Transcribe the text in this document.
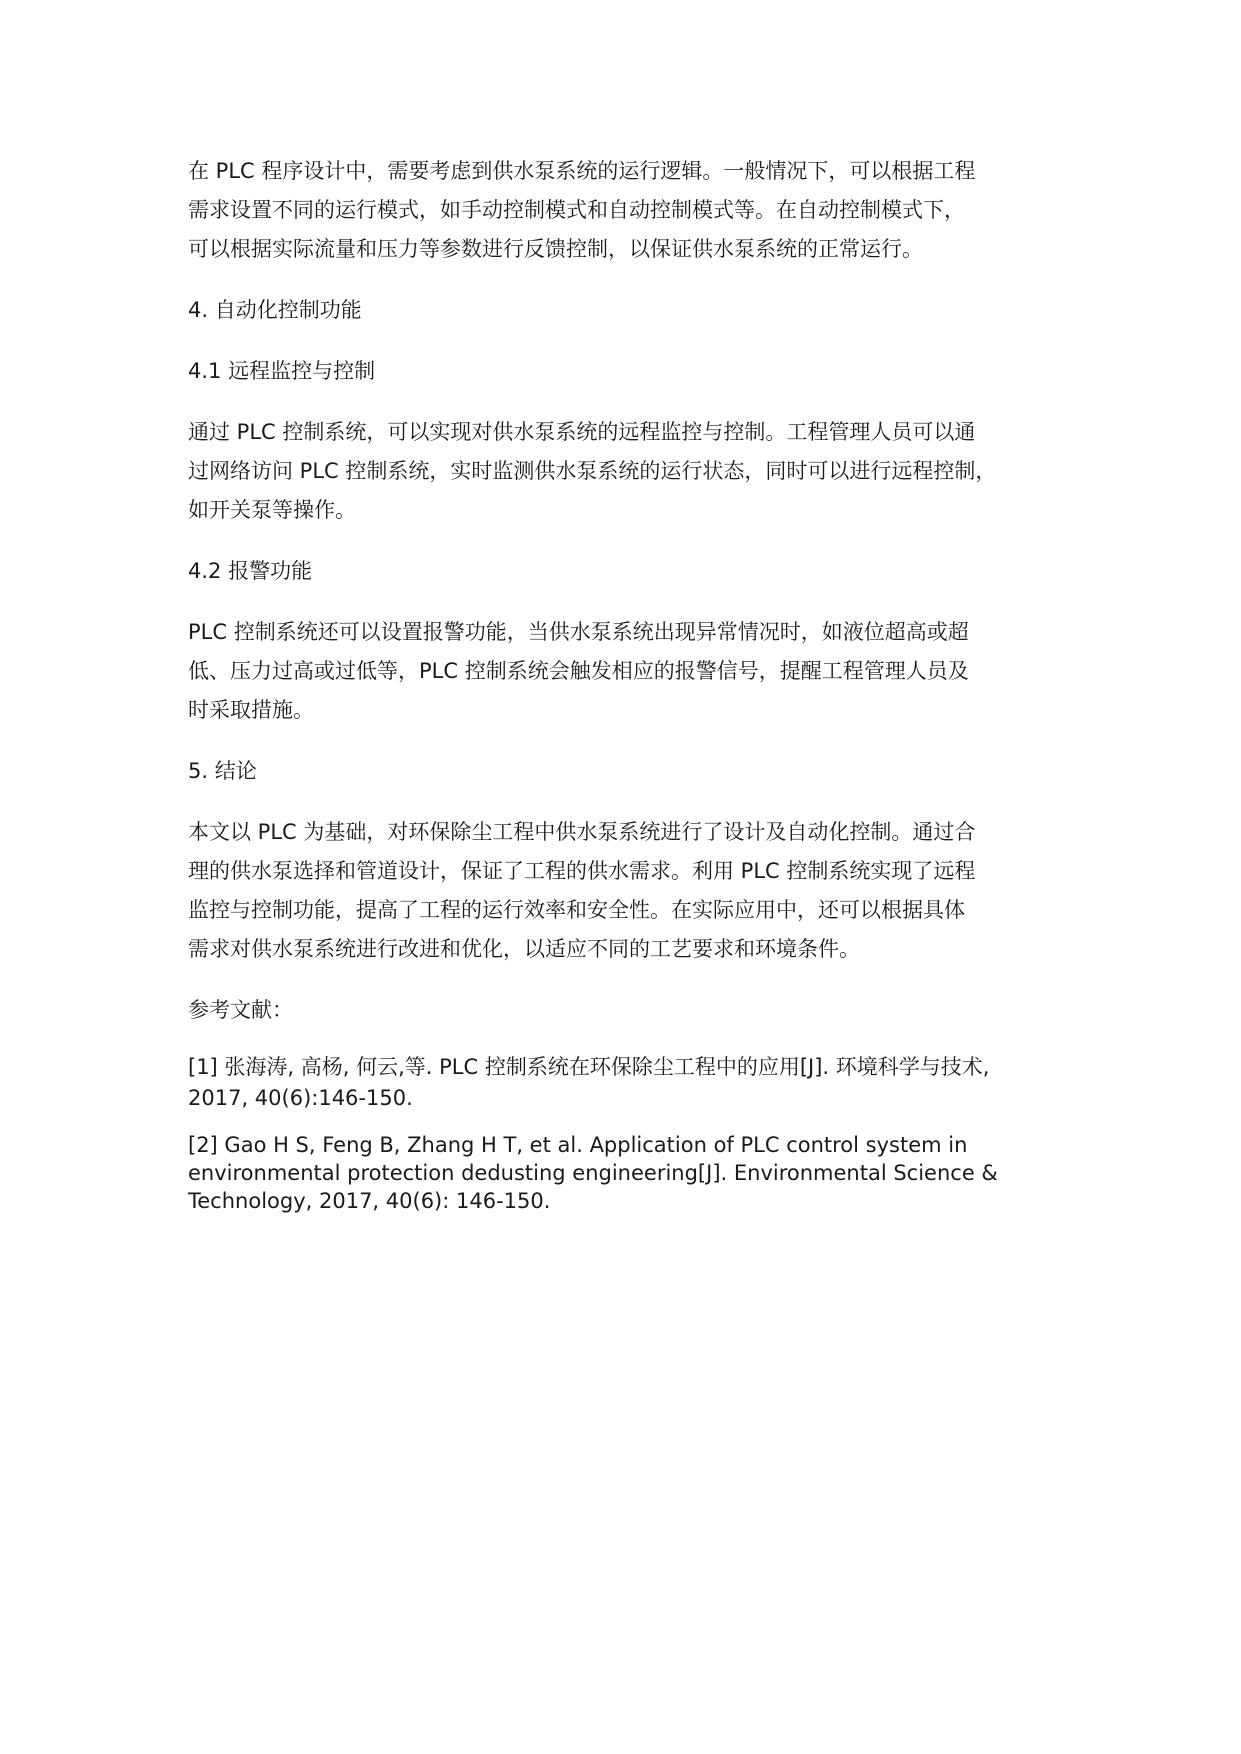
在 PLC 程序设计中，需要考虑到供水泵系统的运行逻辑。一般情况下，可以根据工程
需求设置不同的运行模式，如手动控制模式和自动控制模式等。在自动控制模式下，
可以根据实际流量和压力等参数进行反馈控制，以保证供水泵系统的正常运行。

4. 自动化控制功能
4.1 远程监控与控制

通过 PLC 控制系统，可以实现对供水泵系统的远程监控与控制。工程管理人员可以通
过网络访问 PLC 控制系统，实时监测供水泵系统的运行状态，同时可以进行远程控制，
如开关泵等操作。

4.2 报警功能

PLC 控制系统还可以设置报警功能，当供水泵系统出现异常情况时，如液位超高或超
低、压力过高或过低等，PLC 控制系统会触发相应的报警信号，提醒工程管理人员及
时采取措施。

5. 结论

本文以 PLC 为基础，对环保除尘工程中供水泵系统进行了设计及自动化控制。通过合
理的供水泵选择和管道设计，保证了工程的供水需求。利用 PLC 控制系统实现了远程
监控与控制功能，提高了工程的运行效率和安全性。在实际应用中，还可以根据具体
需求对供水泵系统进行改进和优化，以适应不同的工艺要求和环境条件。

参考文献：
[1] 张海涛, 高杨, 何云,等. PLC 控制系统在环保除尘工程中的应用[J]. 环境科学与技术,
2017, 40(6):146-150.
[2] Gao H S, Feng B, Zhang H T, et al. Application of PLC control system in
environmental protection dedusting engineering[J]. Environmental Science &
Technology, 2017, 40(6): 146-150.
